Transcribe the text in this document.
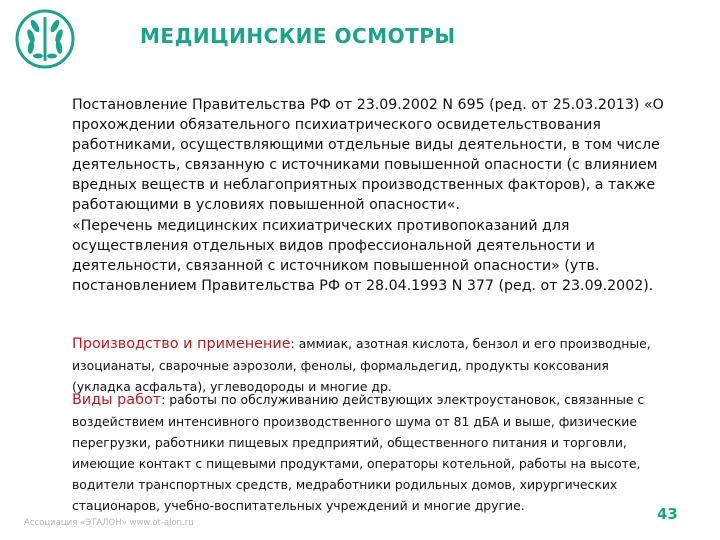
МЕДИЦИНСКИЕ ОСМОТРЫ
Постановление Правительства РФ от 23.09.2002 N 695 (ред. от 25.03.2013) «О
прохождении обязательного психиатрического освидетельствования
работниками, осуществляющими отдельные виды деятельности, в том числе
деятельность, связанную с источниками повышенной опасности (с влиянием
вредных веществ и неблагоприятных производственных факторов), а также
работающими в условиях повышенной опасности«.
«Перечень медицинских психиатрических противопоказаний для
осуществления отдельных видов профессиональной деятельности и
деятельности, связанной с источником повышенной опасности» (утв.
постановлением Правительства РФ от 28.04.1993 N 377 (ред. от 23.09.2002).
Производство и применение: аммиак, азотная кислота, бензол и его производные,
изоцианаты, сварочные аэрозоли, фенолы, формальдегид, продукты коксования
(укладка асфальта), углеводороды и многие др.
Виды работ: работы по обслуживанию действующих электроустановок, связанные с
воздействием интенсивного производственного шума от 81 дБА и выше, физические
перегрузки, работники пищевых предприятий, общественного питания и торговли,
имеющие контакт с пищевыми продуктами, операторы котельной, работы на высоте,
водители транспортных средств, медработники родильных домов, хирургических
стационаров, учебно-воспитательных учреждений и многие другие.
Ассоциация «ЭТАЛОН» www.ot-alon.ru	43
